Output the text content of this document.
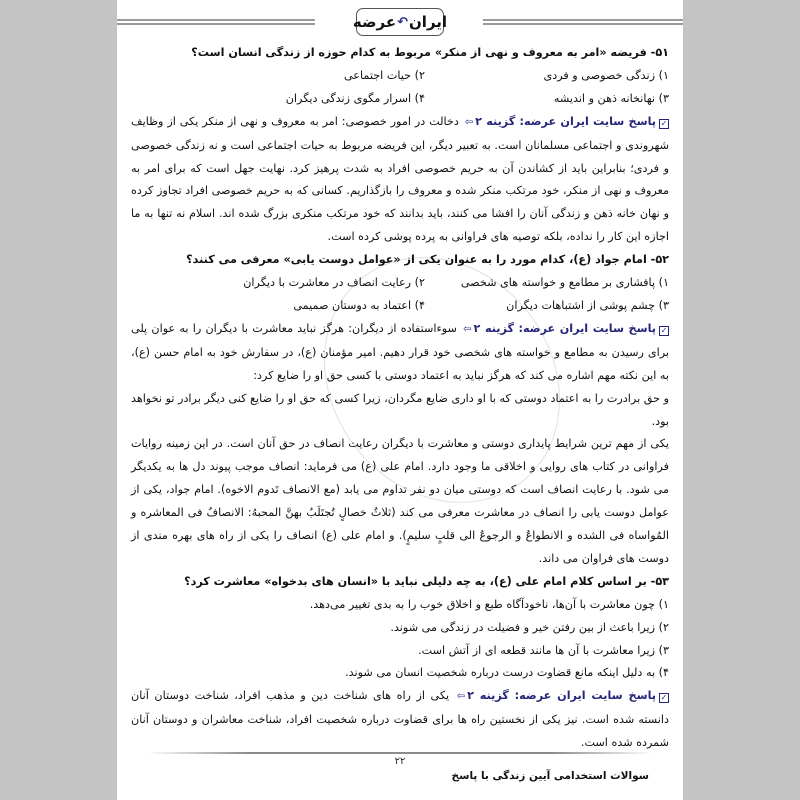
ایران
↶
عرضه
۵۱- فریضه «امر به معروف و نهی از منکر» مربوط به کدام حوزه از زندگی انسان است؟
۱) زندگی خصوصی و فردی
۲) حیات اجتماعی
۳) نهانخانه ذهن و اندیشه
۴) اسرار مگوی زندگی دیگران
✓پاسخ سایت ایران عرضه: گزینه ۲⇦ دخالت در امور خصوصی: امر به معروف و نهی از منکر یکی از وظایف شهروندی و اجتماعی مسلمانان است. به تعبیر دیگر، این فریضه مربوط به حیات اجتماعی است و نه زندگی خصوصی و فردی؛ بنابراین باید از کشاندن آن به حریم خصوصی افراد به شدت پرهیز کرد. نهایت جهل است که برای امر به معروف و نهی از منکر، خود مرتکب منکر شده و معروف را بازگذاریم. کسانی که به حریم خصوصی افراد تجاوز کرده و نهان خانه ذهن و زندگی آنان را افشا می کنند، باید بدانند که خود مرتکب منکری بزرگ شده اند. اسلام نه تنها به ما اجازه این کار را نداده، بلکه توصیه های فراوانی به پرده پوشی کرده است.
۵۲- امام جواد (ع)، کدام مورد را به عنوان یکی از «عوامل دوست یابی» معرفی می کنند؟
۱) پافشاری بر مطامع و خواسته های شخصی
۲) رعایت انصاف در معاشرت با دیگران
۳) چشم پوشی از اشتباهات دیگران
۴) اعتماد به دوستان صمیمی
✓پاسخ سایت ایران عرضه: گزینه ۲⇦ سوءاستفاده از دیگران: هرگز نباید معاشرت با دیگران را به عوان پلی برای رسیدن به مطامع و خواسته های شخصی خود قرار دهیم. امیر مؤمنان (ع)، در سفارش خود به امام حسن (ع)، به این نکته مهم اشاره می کند که هرگز نباید به اعتماد دوستی با کسی حق او را ضایع کرد:
و حق برادرت را به اعتماد دوستی که با او داری ضایع مگردان، زیرا کسی که حق او را ضایع کنی دیگر برادر تو نخواهد بود.
یکی از مهم ترین شرایط پایداری دوستی و معاشرت با دیگران رعایت انصاف در حق آنان است. در این زمینه روایات فراوانی در کتاب های روایی و اخلاقی ما وجود دارد. امام علی (ع) می فرماید: انصاف موجب پیوند دل ها به یکدیگر می شود. با رعایت انصاف است که دوستی میان دو نفر تداوم می یابد (مع الانصاف تَدوم الاخوه). امام جواد، یکی از عوامل دوست یابی را انصاف در معاشرت معرفی می کند (ثلاثُ خصالٍ تُجتَلَبُ بهنَّ المحبهُ: الانصافُ فی المعاشره و المُواساه فی الشده و الانطواعُ و الرجوعُ الی قلبٍ سلیمٍ). و امام علی (ع) انصاف را یکی از راه های بهره مندی از دوست های فراوان می داند.
۵۳- بر اساس کلام امام علی (ع)، به چه دلیلی نباید با «انسان های بدخواه» معاشرت کرد؟
۱) چون معاشرت با آن‌ها، ناخودآگاه طبع و اخلاق خوب را به بدی تغییر می‌دهد.
۲) زیرا باعث از بین رفتن خیر و فضیلت در زندگی می شوند.
۳) زیرا معاشرت با آن ها مانند قطعه ای از آتش است.
۴) به دلیل اینکه مانع قضاوت درست درباره شخصیت انسان می شوند.
✓پاسخ سایت ایران عرضه: گزینه ۲⇦ یکی از راه های شناخت دین و مذهب افراد، شناخت دوستان آنان دانسته شده است. نیز یکی از نخستین راه ها برای قضاوت درباره شخصیت افراد، شناخت معاشران و دوستان آنان شمرده شده است.
۲۲
سوالات استخدامی آیین زندگی با پاسخ
